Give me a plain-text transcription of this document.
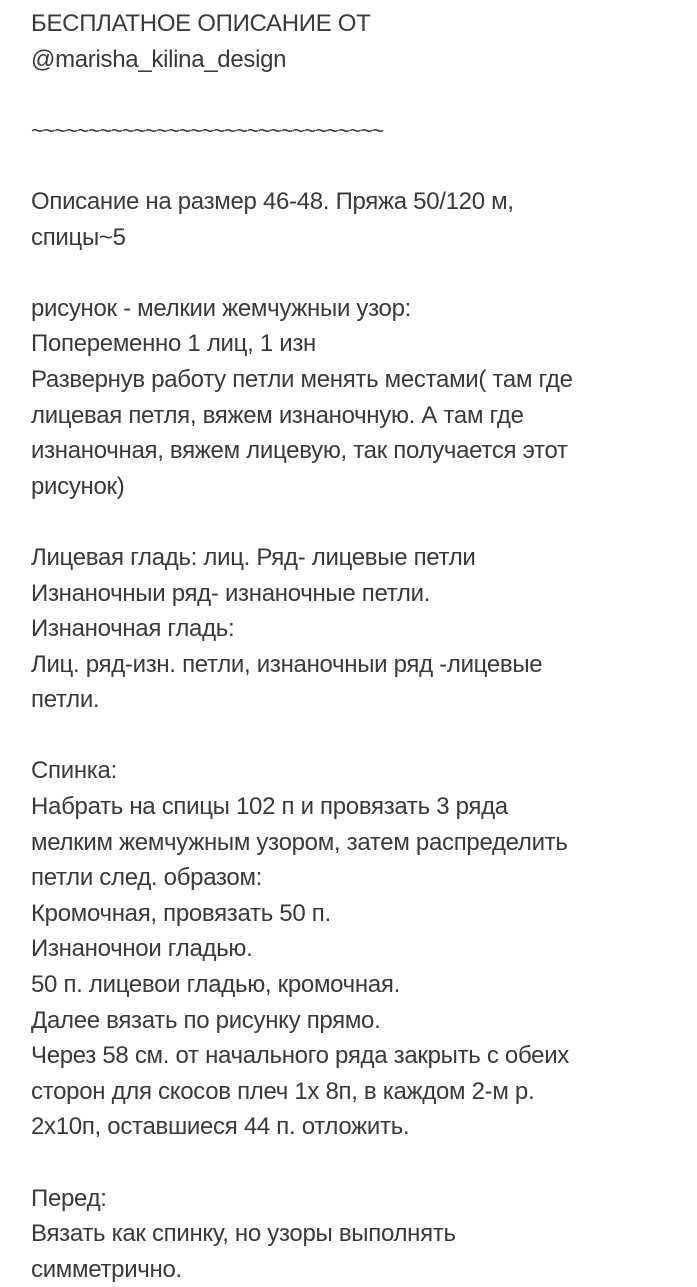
БЕСПЛАТНОЕ ОПИСАНИЕ ОТ
@marisha_kilina_design
~~~~~~~~~~~~~~~~~~~~~~~~~~~~~~~
Описание на размер 46-48. Пряжа 50/120 м,
спицы~5
рисунок - мелкии жемчужныи узор:
Попеременно 1 лиц, 1 изн
Развернув работу петли менять местами( там где
лицевая петля, вяжем изнаночную. А там где
изнаночная, вяжем лицевую, так получается этот
рисунок)
Лицевая гладь: лиц. Ряд- лицевые петли
Изнаночныи ряд- изнаночные петли.
Изнаночная гладь:
Лиц. ряд-изн. петли, изнаночныи ряд -лицевые
петли.
Спинка:
Набрать на спицы 102 п и провязать 3 ряда
мелким жемчужным узором, затем распределить
петли след. образом:
Кромочная, провязать 50 п.
Изнаночнои гладью.
50 п. лицевои гладью, кромочная.
Далее вязать по рисунку прямо.
Через 58 см. от начального ряда закрыть с обеих
сторон для скосов плеч 1х 8п, в каждом 2-м р.
2х10п, оставшиеся 44 п. отложить.
Перед:
Вязать как спинку, но узоры выполнять
симметрично.
